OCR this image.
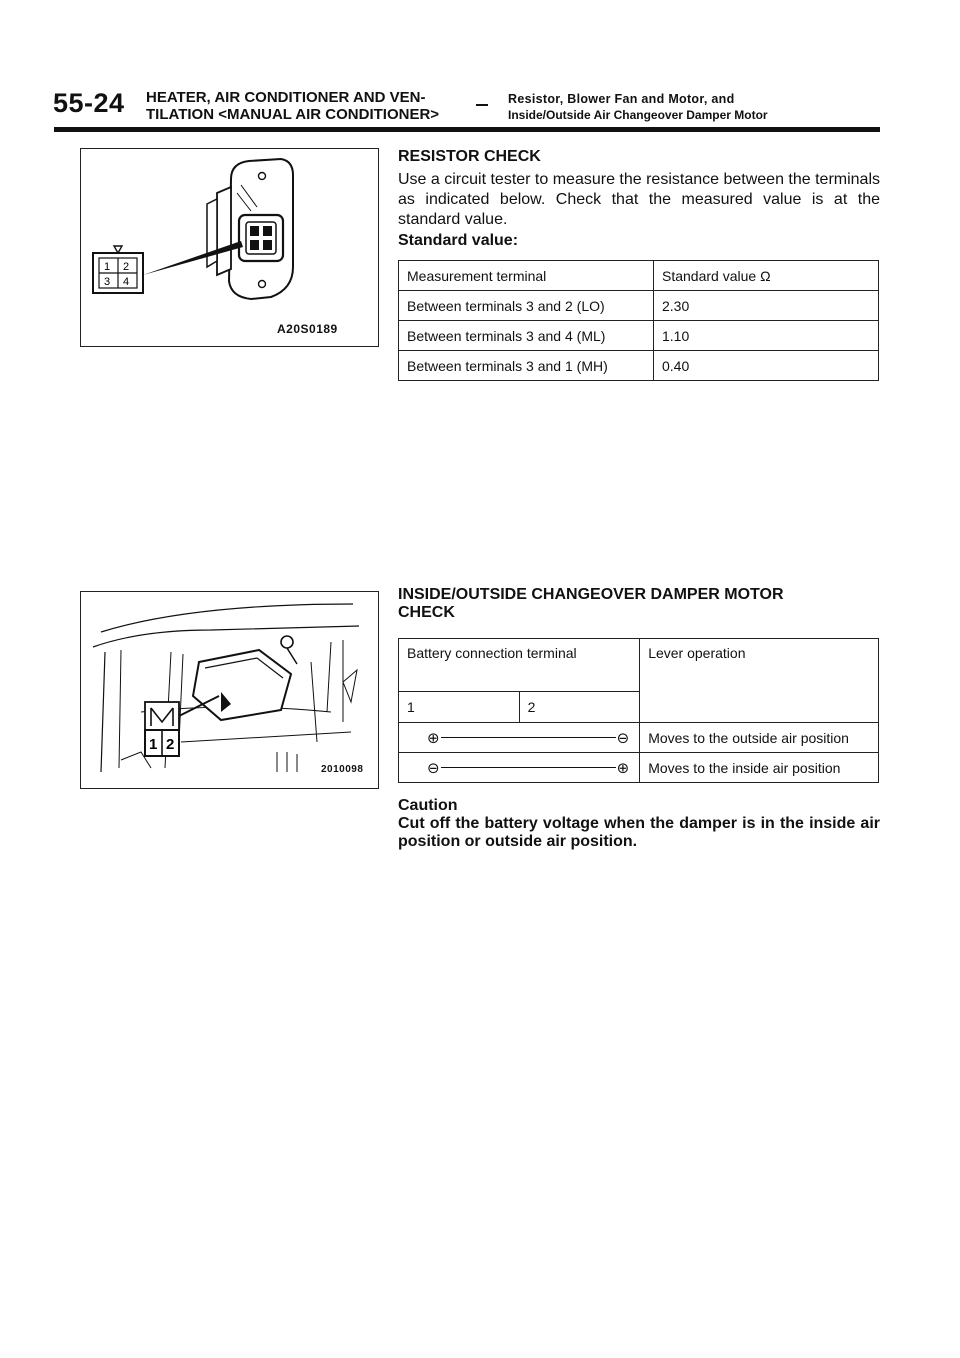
55-24 HEATER, AIR CONDITIONER AND VEN-
TILATION <MANUAL AIR CONDITIONER>
Resistor, Blower Fan and Motor, and
Inside/Outside Air Changeover Damper Motor
1 2
3 4
A20S0189
1 2
2010098
RESISTOR CHECK
Use a circuit tester to measure the resistance between the terminals as indicated below. Check that the measured value is at the standard value.
Standard value:
Measurement terminal	Standard value Ω
Between terminals 3 and 2 (LO)	2.30
Between terminals 3 and 4 (ML)	1.10
Between terminals 3 and 1 (MH)	0.40
INSIDE/OUTSIDE CHANGEOVER DAMPER MOTOR
CHECK
Battery connection terminal		Lever operation
1	2	

⊕ ⊖		Moves to the outside air position

⊖ ⊕		Moves to the inside air position
Caution
Cut off the battery voltage when the damper is in the inside air position or outside air position.
